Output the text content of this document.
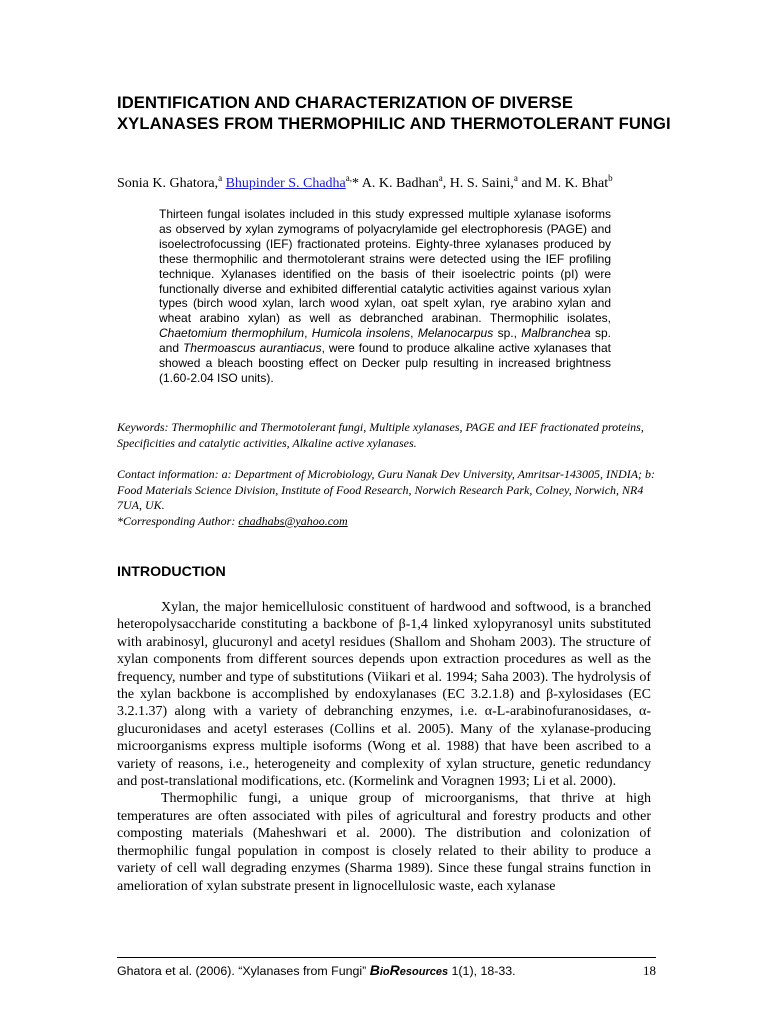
IDENTIFICATION AND CHARACTERIZATION OF DIVERSE XYLANASES FROM THERMOPHILIC AND THERMOTOLERANT FUNGI
Sonia K. Ghatora,$^a$ Bhupinder S. Chadha$^{a,}$* A. K. Badhan$^a$, H. S. Saini,$^a$ and M. K. Bhat$^b$
Thirteen fungal isolates included in this study expressed multiple xylanase isoforms as observed by xylan zymograms of polyacrylamide gel electrophoresis (PAGE) and isoelectrofocussing (IEF) fractionated proteins. Eighty-three xylanases produced by these thermophilic and thermotolerant strains were detected using the IEF profiling technique. Xylanases identified on the basis of their isoelectric points (pI) were functionally diverse and exhibited differential catalytic activities against various xylan types (birch wood xylan, larch wood xylan, oat spelt xylan, rye arabino xylan and wheat arabino xylan) as well as debranched arabinan. Thermophilic isolates, Chaetomium thermophilum, Humicola insolens, Melanocarpus sp., Malbranchea sp. and Thermoascus aurantiacus, were found to produce alkaline active xylanases that showed a bleach boosting effect on Decker pulp resulting in increased brightness (1.60-2.04 ISO units).
Keywords: Thermophilic and Thermotolerant fungi, Multiple xylanases, PAGE and IEF fractionated proteins, Specificities and catalytic activities, Alkaline active xylanases.
Contact information: a: Department of Microbiology, Guru Nanak Dev University, Amritsar-143005, INDIA; b: Food Materials Science Division, Institute of Food Research, Norwich Research Park, Colney, Norwich, NR4 7UA, UK.
*Corresponding Author: chadhabs@yahoo.com
INTRODUCTION

Xylan, the major hemicellulosic constituent of hardwood and softwood, is a branched heteropolysaccharide constituting a backbone of β-1,4 linked xylopyranosyl units substituted with arabinosyl, glucuronyl and acetyl residues (Shallom and Shoham 2003). The structure of xylan components from different sources depends upon extraction procedures as well as the frequency, number and type of substitutions (Viikari et al. 1994; Saha 2003). The hydrolysis of the xylan backbone is accomplished by endoxylanases (EC 3.2.1.8) and β-xylosidases (EC 3.2.1.37) along with a variety of debranching enzymes, i.e. α-L-arabinofuranosidases, α-glucuronidases and acetyl esterases (Collins et al. 2005). Many of the xylanase-producing microorganisms express multiple isoforms (Wong et al. 1988) that have been ascribed to a variety of reasons, i.e., heterogeneity and complexity of xylan structure, genetic redundancy and post-translational modifications, etc. (Kormelink and Voragnen 1993; Li et al. 2000).

Thermophilic fungi, a unique group of microorganisms, that thrive at high temperatures are often associated with piles of agricultural and forestry products and other composting materials (Maheshwari et al. 2000). The distribution and colonization of thermophilic fungal population in compost is closely related to their ability to produce a variety of cell wall degrading enzymes (Sharma 1989). Since these fungal strains function in amelioration of xylan substrate present in lignocellulosic waste, each xylanase

Ghatora et al. (2006). “Xylanases from Fungi” BioResources 1(1), 18-33.	18
